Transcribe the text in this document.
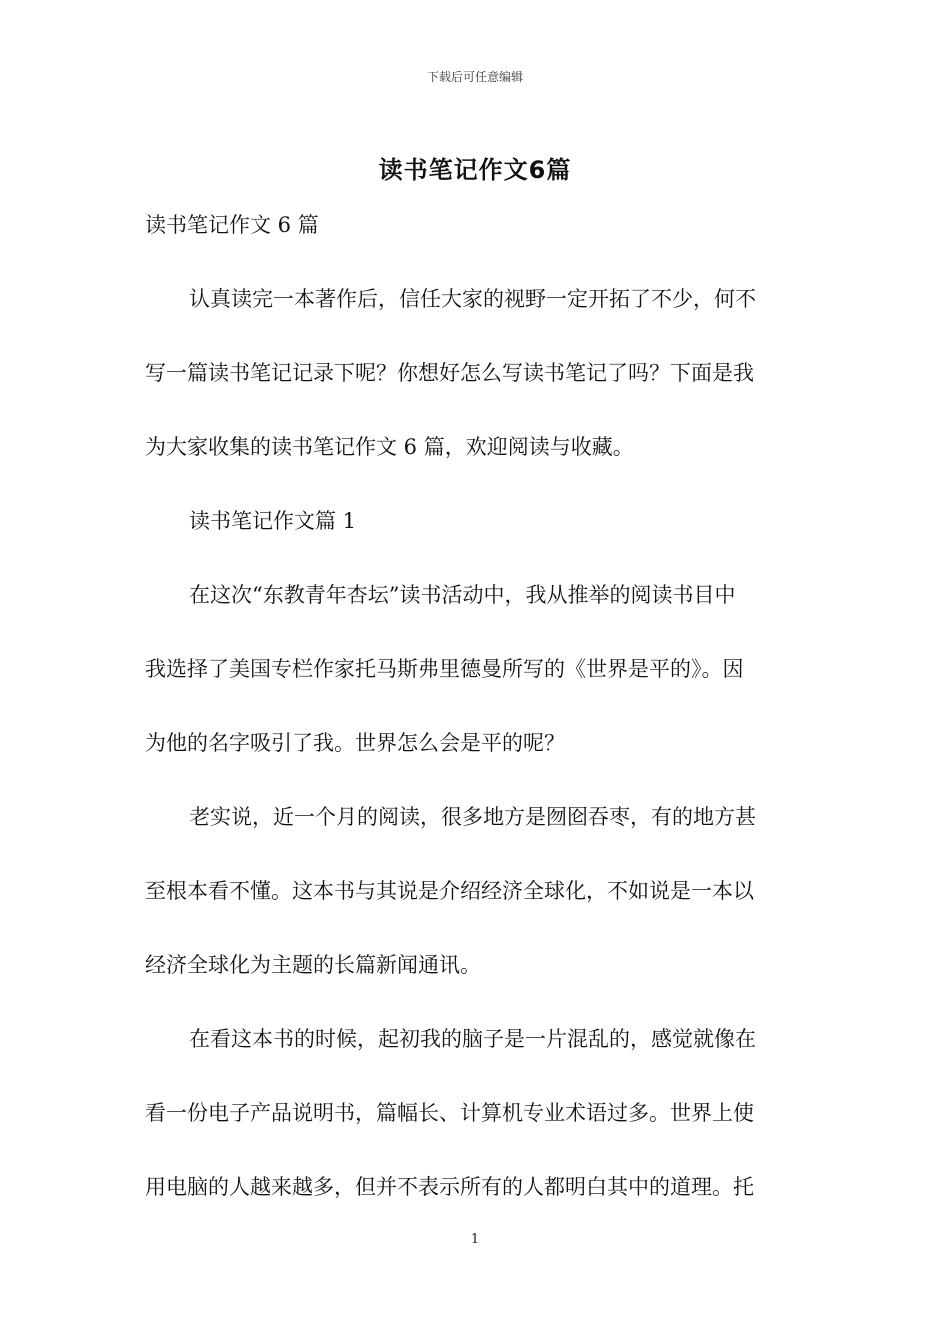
下载后可任意编辑
读书笔记作文6篇
读书笔记作文 6 篇
认真读完一本著作后，信任大家的视野一定开拓了不少，何不
写一篇读书笔记记录下呢？你想好怎么写读书笔记了吗？下面是我
为大家收集的读书笔记作文 6 篇，欢迎阅读与收藏。
读书笔记作文篇 1
在这次“东教青年杏坛”读书活动中，我从推举的阅读书目中
我选择了美国专栏作家托马斯弗里德曼所写的《世界是平的》。因
为他的名字吸引了我。世界怎么会是平的呢？
老实说，近一个月的阅读，很多地方是囫囵吞枣，有的地方甚
至根本看不懂。这本书与其说是介绍经济全球化，不如说是一本以
经济全球化为主题的长篇新闻通讯。
在看这本书的时候，起初我的脑子是一片混乱的，感觉就像在
看一份电子产品说明书，篇幅长、计算机专业术语过多。世界上使
用电脑的人越来越多，但并不表示所有的人都明白其中的道理。托
1
